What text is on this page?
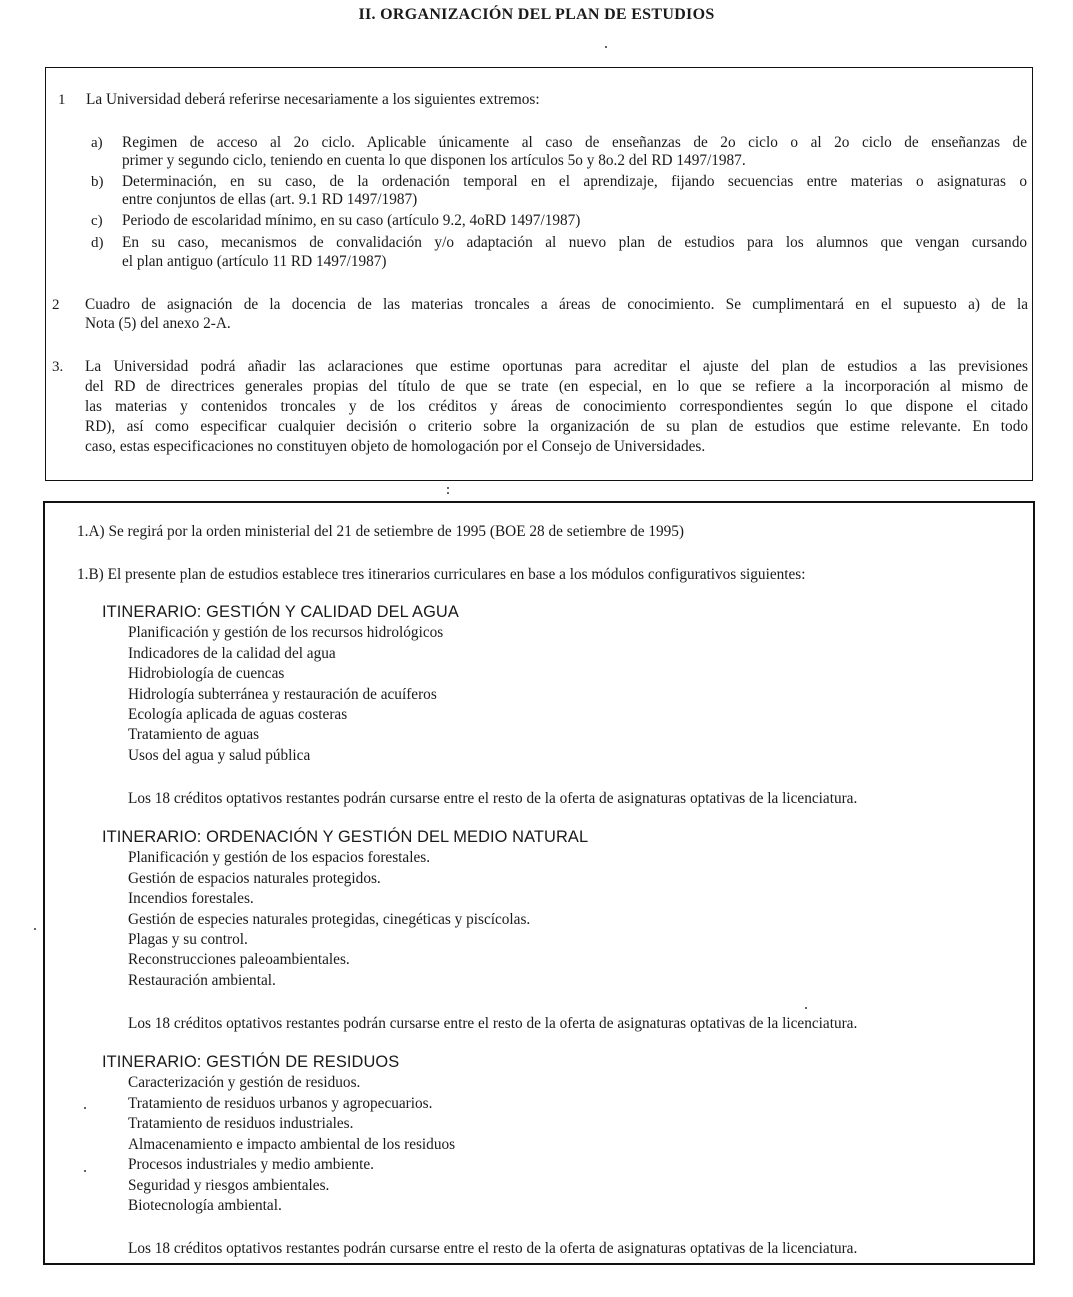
II. ORGANIZACIÓN DEL PLAN DE ESTUDIOS
1 La Universidad deberá referirse necesariamente a los siguientes extremos:
a) Regimen de acceso al 2o ciclo. Aplicable únicamente al caso de enseñanzas de 2o ciclo o al 2o ciclo de enseñanzas de
primer y segundo ciclo, teniendo en cuenta lo que disponen los artículos 5o y 8o.2 del RD 1497/1987.
b) Determinación, en su caso, de la ordenación temporal en el aprendizaje, fijando secuencias entre materias o asignaturas o
entre conjuntos de ellas (art. 9.1 RD 1497/1987)
c) Periodo de escolaridad mínimo, en su caso (artículo 9.2, 4oRD 1497/1987)
d) En su caso, mecanismos de convalidación y/o adaptación al nuevo plan de estudios para los alumnos que vengan cursando
el plan antiguo (artículo 11 RD 1497/1987)
2 Cuadro de asignación de la docencia de las materias troncales a áreas de conocimiento. Se cumplimentará en el supuesto a) de la
Nota (5) del anexo 2-A.
3. La Universidad podrá añadir las aclaraciones que estime oportunas para acreditar el ajuste del plan de estudios a las previsiones
del RD de directrices generales propias del título de que se trate (en especial, en lo que se refiere a la incorporación al mismo de
las materias y contenidos troncales y de los créditos y áreas de conocimiento correspondientes según lo que dispone el citado
RD), así como especificar cualquier decisión o criterio sobre la organización de su plan de estudios que estime relevante. En todo
caso, estas especificaciones no constituyen objeto de homologación por el Consejo de Universidades.
1.A) Se regirá por la orden ministerial del 21 de setiembre de 1995 (BOE 28 de setiembre de 1995)
1.B) El presente plan de estudios establece tres itinerarios curriculares en base a los módulos configurativos siguientes:
ITINERARIO: GESTIÓN Y CALIDAD DEL AGUA
Planificación y gestión de los recursos hidrológicos
Indicadores de la calidad del agua
Hidrobiología de cuencas
Hidrología subterránea y restauración de acuíferos
Ecología aplicada de aguas costeras
Tratamiento de aguas
Usos del agua y salud pública
Los 18 créditos optativos restantes podrán cursarse entre el resto de la oferta de asignaturas optativas de la licenciatura.
ITINERARIO: ORDENACIÓN Y GESTIÓN DEL MEDIO NATURAL
Planificación y gestión de los espacios forestales.
Gestión de espacios naturales protegidos.
Incendios forestales.
Gestión de especies naturales protegidas, cinegéticas y piscícolas.
Plagas y su control.
Reconstrucciones paleoambientales.
Restauración ambiental.
Los 18 créditos optativos restantes podrán cursarse entre el resto de la oferta de asignaturas optativas de la licenciatura.
ITINERARIO: GESTIÓN DE RESIDUOS
Caracterización y gestión de residuos.
Tratamiento de residuos urbanos y agropecuarios.
Tratamiento de residuos industriales.
Almacenamiento e impacto ambiental de los residuos
Procesos industriales y medio ambiente.
Seguridad y riesgos ambientales.
Biotecnología ambiental.
Los 18 créditos optativos restantes podrán cursarse entre el resto de la oferta de asignaturas optativas de la licenciatura.
